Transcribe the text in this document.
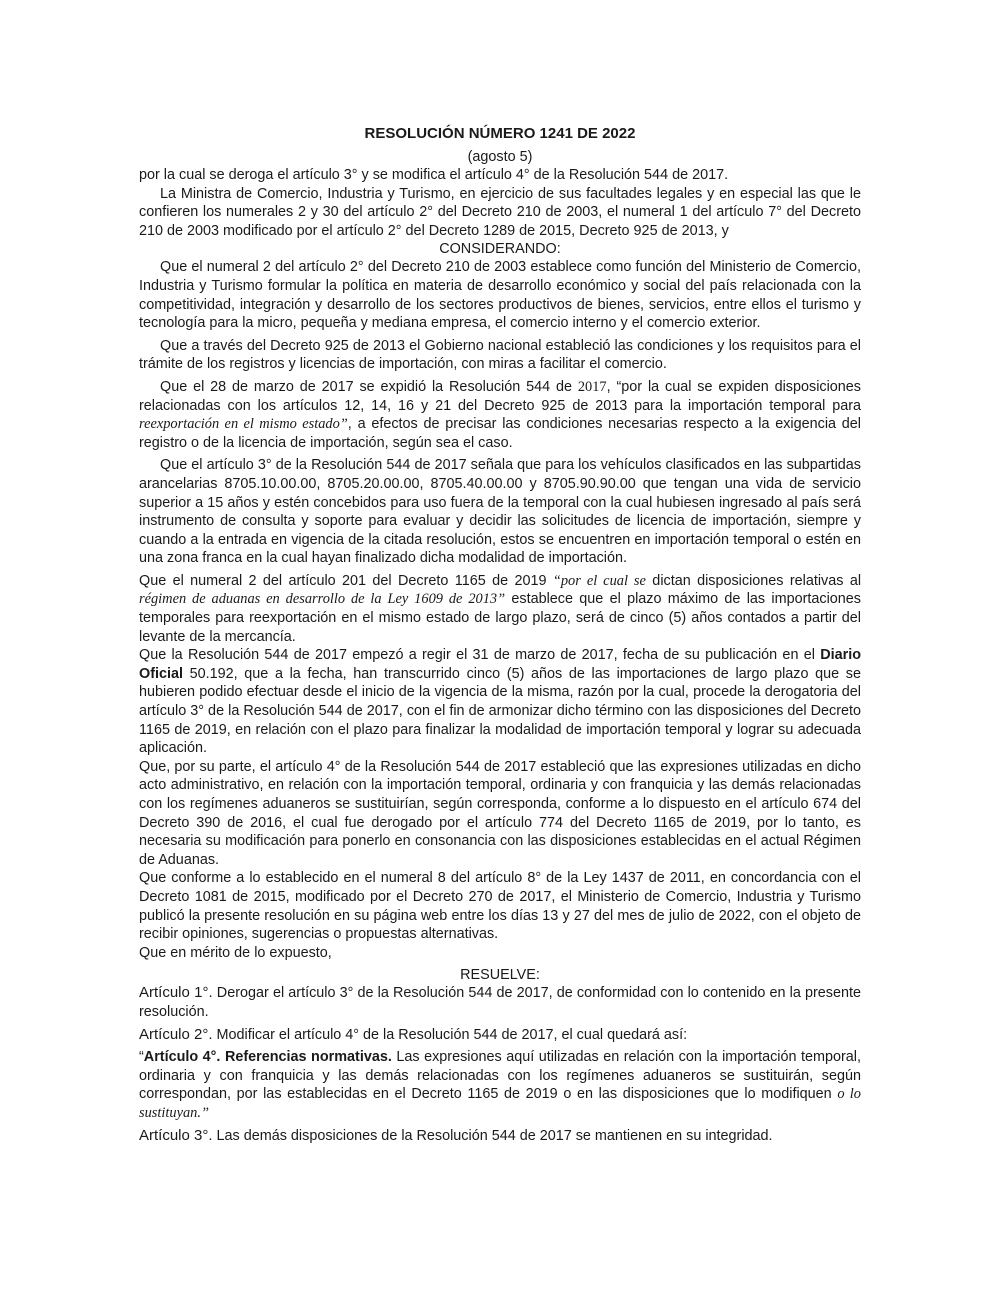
RESOLUCIÓN NÚMERO 1241 DE 2022
(agosto 5)

por la cual se deroga el artículo 3° y se modifica el artículo 4° de la Resolución 544 de 2017.

La Ministra de Comercio, Industria y Turismo, en ejercicio de sus facultades legales y en especial las que le confieren los numerales 2 y 30 del artículo 2° del Decreto 210 de 2003, el numeral 1 del artículo 7° del Decreto 210 de 2003 modificado por el artículo 2° del Decreto 1289 de 2015, Decreto 925 de 2013, y

CONSIDERANDO:

Que el numeral 2 del artículo 2° del Decreto 210 de 2003 establece como función del Ministerio de Comercio, Industria y Turismo formular la política en materia de desarrollo económico y social del país relacionada con la competitividad, integración y desarrollo de los sectores productivos de bienes, servicios, entre ellos el turismo y tecnología para la micro, pequeña y mediana empresa, el comercio interno y el comercio exterior.

Que a través del Decreto 925 de 2013 el Gobierno nacional estableció las condiciones y los requisitos para el trámite de los registros y licencias de importación, con miras a facilitar el comercio.

Que el 28 de marzo de 2017 se expidió la Resolución 544 de 2017, “por la cual se expiden disposiciones relacionadas con los artículos 12, 14, 16 y 21 del Decreto 925 de 2013 para la importación temporal para reexportación en el mismo estado”, a efectos de precisar las condiciones necesarias respecto a la exigencia del registro o de la licencia de importación, según sea el caso.

Que el artículo 3° de la Resolución 544 de 2017 señala que para los vehículos clasificados en las subpartidas arancelarias 8705.10.00.00, 8705.20.00.00, 8705.40.00.00 y 8705.90.90.00 que tengan una vida de servicio superior a 15 años y estén concebidos para uso fuera de la temporal con la cual hubiesen ingresado al país será instrumento de consulta y soporte para evaluar y decidir las solicitudes de licencia de importación, siempre y cuando a la entrada en vigencia de la citada resolución, estos se encuentren en importación temporal o estén en una zona franca en la cual hayan finalizado dicha modalidad de importación.

Que el numeral 2 del artículo 201 del Decreto 1165 de 2019 “por el cual se dictan disposiciones relativas al régimen de aduanas en desarrollo de la Ley 1609 de 2013” establece que el plazo máximo de las importaciones temporales para reexportación en el mismo estado de largo plazo, será de cinco (5) años contados a partir del levante de la mercancía.

Que la Resolución 544 de 2017 empezó a regir el 31 de marzo de 2017, fecha de su publicación en el Diario Oficial 50.192, que a la fecha, han transcurrido cinco (5) años de las importaciones de largo plazo que se hubieren podido efectuar desde el inicio de la vigencia de la misma, razón por la cual, procede la derogatoria del artículo 3° de la Resolución 544 de 2017, con el fin de armonizar dicho término con las disposiciones del Decreto 1165 de 2019, en relación con el plazo para finalizar la modalidad de importación temporal y lograr su adecuada aplicación.

Que, por su parte, el artículo 4° de la Resolución 544 de 2017 estableció que las expresiones utilizadas en dicho acto administrativo, en relación con la importación temporal, ordinaria y con franquicia y las demás relacionadas con los regímenes aduaneros se sustituirían, según corresponda, conforme a lo dispuesto en el artículo 674 del Decreto 390 de 2016, el cual fue derogado por el artículo 774 del Decreto 1165 de 2019, por lo tanto, es necesaria su modificación para ponerlo en consonancia con las disposiciones establecidas en el actual Régimen de Aduanas.

Que conforme a lo establecido en el numeral 8 del artículo 8° de la Ley 1437 de 2011, en concordancia con el Decreto 1081 de 2015, modificado por el Decreto 270 de 2017, el Ministerio de Comercio, Industria y Turismo publicó la presente resolución en su página web entre los días 13 y 27 del mes de julio de 2022, con el objeto de recibir opiniones, sugerencias o propuestas alternativas.

Que en mérito de lo expuesto,

RESUELVE:

Artículo 1°. Derogar el artículo 3° de la Resolución 544 de 2017, de conformidad con lo contenido en la presente resolución.

Artículo 2°. Modificar el artículo 4° de la Resolución 544 de 2017, el cual quedará así:

“Artículo 4°. Referencias normativas. Las expresiones aquí utilizadas en relación con la importación temporal, ordinaria y con franquicia y las demás relacionadas con los regímenes aduaneros se sustituirán, según correspondan, por las establecidas en el Decreto 1165 de 2019 o en las disposiciones que lo modifiquen o lo sustituyan.”

Artículo 3°. Las demás disposiciones de la Resolución 544 de 2017 se mantienen en su integridad.
